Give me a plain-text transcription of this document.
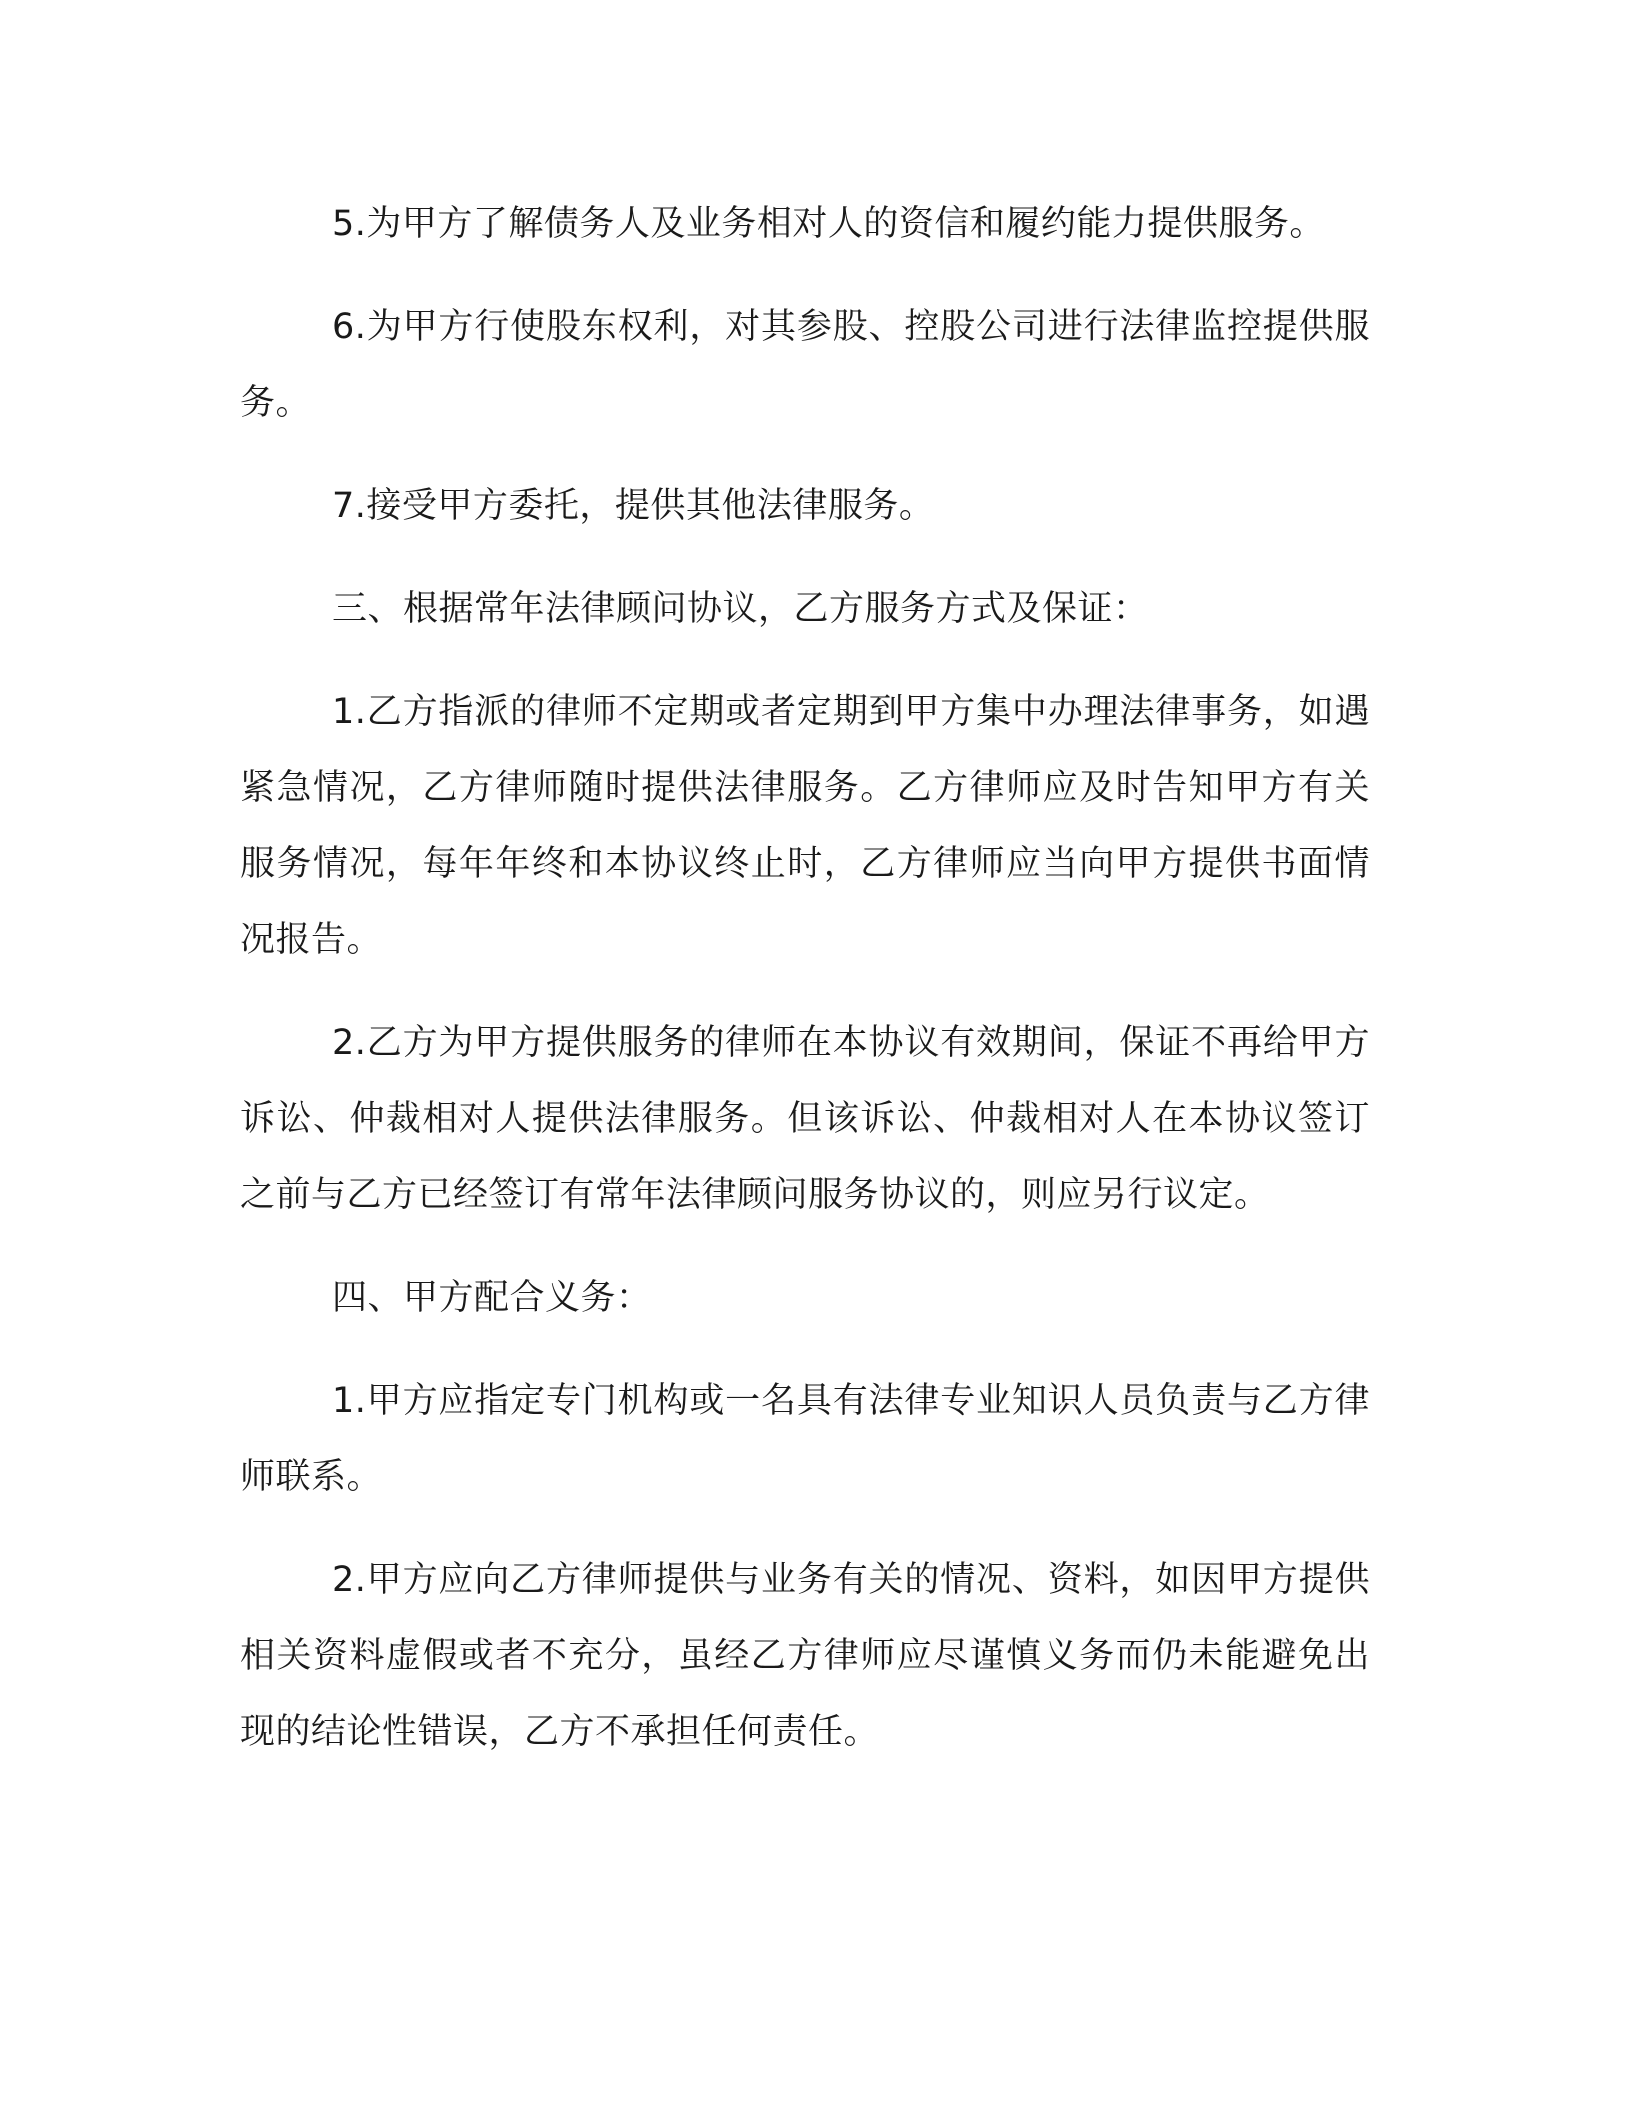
5.为甲方了解债务人及业务相对人的资信和履约能力提供服务。

6.为甲方行使股东权利，对其参股、控股公司进行法律监控提供服务。

7.接受甲方委托，提供其他法律服务。

三、根据常年法律顾问协议，乙方服务方式及保证：

1.乙方指派的律师不定期或者定期到甲方集中办理法律事务，如遇紧急情况，乙方律师随时提供法律服务。乙方律师应及时告知甲方有关服务情况，每年年终和本协议终止时，乙方律师应当向甲方提供书面情况报告。

2.乙方为甲方提供服务的律师在本协议有效期间，保证不再给甲方诉讼、仲裁相对人提供法律服务。但该诉讼、仲裁相对人在本协议签订之前与乙方已经签订有常年法律顾问服务协议的，则应另行议定。

四、甲方配合义务：

1.甲方应指定专门机构或一名具有法律专业知识人员负责与乙方律师联系。

2.甲方应向乙方律师提供与业务有关的情况、资料，如因甲方提供相关资料虚假或者不充分，虽经乙方律师应尽谨慎义务而仍未能避免出现的结论性错误，乙方不承担任何责任。
